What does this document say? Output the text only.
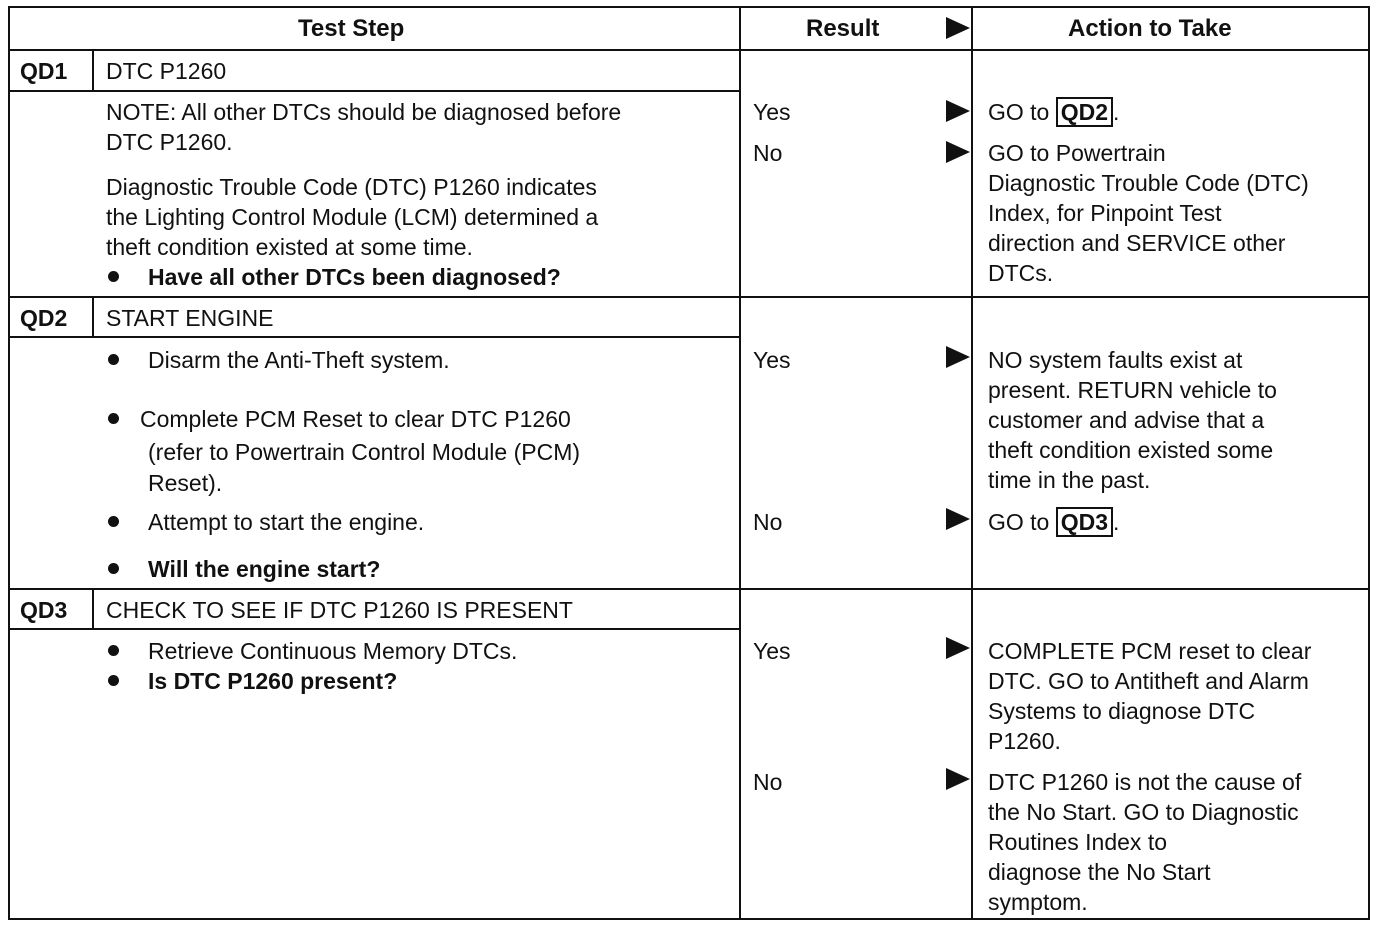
Test Step	Result	Action to Take
QD1 DTC P1260
NOTE: All other DTCs should be diagnosed before
DTC P1260.
Diagnostic Trouble Code (DTC) P1260 indicates
the Lighting Control Module (LCM) determined a
theft condition existed at some time.
Have all other DTCs been diagnosed?
Yes
No
GO to QD2 .
GO to Powertrain
Diagnostic Trouble Code (DTC)
Index, for Pinpoint Test
direction and SERVICE other
DTCs.
QD2 START ENGINE
Disarm the Anti-Theft system.
Complete PCM Reset to clear DTC P1260
(refer to Powertrain Control Module (PCM)
Reset).
Attempt to start the engine.
Will the engine start?
Yes
No
NO system faults exist at
present. RETURN vehicle to
customer and advise that a
theft condition existed some
time in the past.
GO to QD3 .
QD3 CHECK TO SEE IF DTC P1260 IS PRESENT
Retrieve Continuous Memory DTCs.
Is DTC P1260 present?
Yes
No
COMPLETE PCM reset to clear
DTC. GO to Antitheft and Alarm
Systems to diagnose DTC
P1260.
DTC P1260 is not the cause of
the No Start. GO to Diagnostic
Routines Index to
diagnose the No Start
symptom.
